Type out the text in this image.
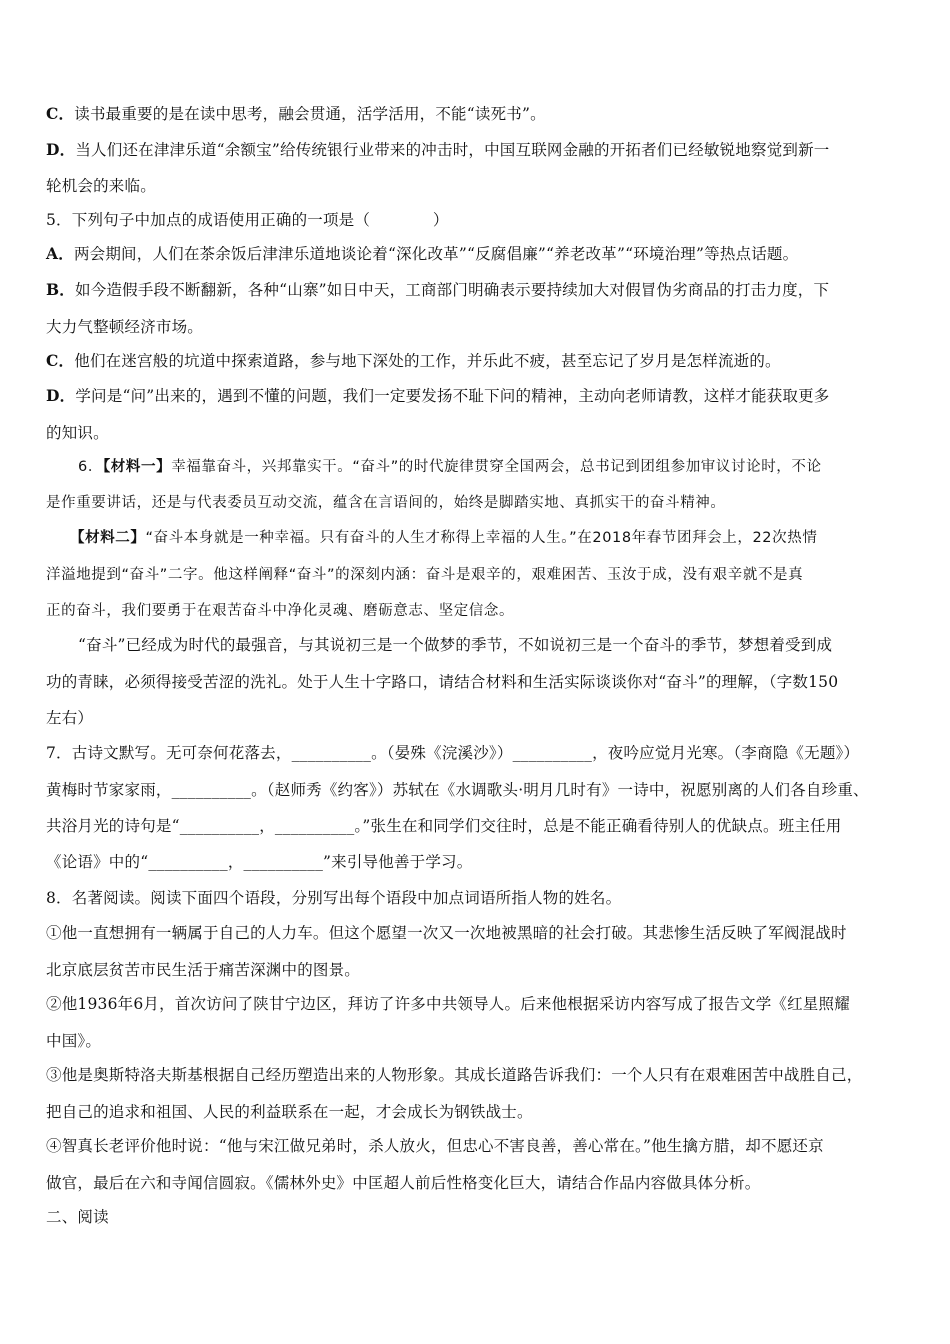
C．读书最重要的是在读中思考，融会贯通，活学活用，不能“读死书”。
D．当人们还在津津乐道“余额宝”给传统银行业带来的冲击时，中国互联网金融的开拓者们已经敏锐地察觉到新一
轮机会的来临。
5．下列句子中加点的成语使用正确的一项是（　　　　）
A．两会期间，人们在茶余饭后津津乐道地谈论着“深化改革”“反腐倡廉”“养老改革”“环境治理”等热点话题。
B．如今造假手段不断翻新，各种“山寨”如日中天，工商部门明确表示要持续加大对假冒伪劣商品的打击力度，下
大力气整顿经济市场。
C．他们在迷宫般的坑道中探索道路，参与地下深处的工作，并乐此不疲，甚至忘记了岁月是怎样流逝的。
D．学问是“问”出来的，遇到不懂的问题，我们一定要发扬不耻下问的精神，主动向老师请教，这样才能获取更多
的知识。
6．【材料一】幸福靠奋斗，兴邦靠实干。“奋斗”的时代旋律贯穿全国两会，总书记到团组参加审议讨论时，不论
是作重要讲话，还是与代表委员互动交流，蕴含在言语间的，始终是脚踏实地、真抓实干的奋斗精神。
【材料二】“奋斗本身就是一种幸福。只有奋斗的人生才称得上幸福的人生。”在2018年春节团拜会上，22次热情
洋溢地提到“奋斗”二字。他这样阐释“奋斗”的深刻内涵：奋斗是艰辛的，艰难困苦、玉汝于成，没有艰辛就不是真
正的奋斗，我们要勇于在艰苦奋斗中净化灵魂、磨砺意志、坚定信念。
“奋斗”已经成为时代的最强音，与其说初三是一个做梦的季节，不如说初三是一个奋斗的季节，梦想着受到成
功的青睐，必须得接受苦涩的洗礼。处于人生十字路口，请结合材料和生活实际谈谈你对“奋斗”的理解，（字数150
左右）
7．古诗文默写。无可奈何花落去，__________。（晏殊《浣溪沙》）__________，夜吟应觉月光寒。（李商隐《无题》）
黄梅时节家家雨，__________。（赵师秀《约客》）苏轼在《水调歌头·明月几时有》一诗中，祝愿别离的人们各自珍重、
共浴月光的诗句是“__________，__________。”张生在和同学们交往时，总是不能正确看待别人的优缺点。班主任用
《论语》中的“__________，__________”来引导他善于学习。
8．名著阅读。阅读下面四个语段，分别写出每个语段中加点词语所指人物的姓名。
①他一直想拥有一辆属于自己的人力车。但这个愿望一次又一次地被黑暗的社会打破。其悲惨生活反映了军阀混战时
北京底层贫苦市民生活于痛苦深渊中的图景。
②他1936年6月，首次访问了陕甘宁边区，拜访了许多中共领导人。后来他根据采访内容写成了报告文学《红星照耀
中国》。
③他是奥斯特洛夫斯基根据自己经历塑造出来的人物形象。其成长道路告诉我们：一个人只有在艰难困苦中战胜自己，
把自己的追求和祖国、人民的利益联系在一起，才会成长为钢铁战士。
④智真长老评价他时说：“他与宋江做兄弟时，杀人放火，但忠心不害良善，善心常在。”他生擒方腊，却不愿还京
做官，最后在六和寺闻信圆寂。《儒林外史》中匡超人前后性格变化巨大，请结合作品内容做具体分析。
二、阅读
